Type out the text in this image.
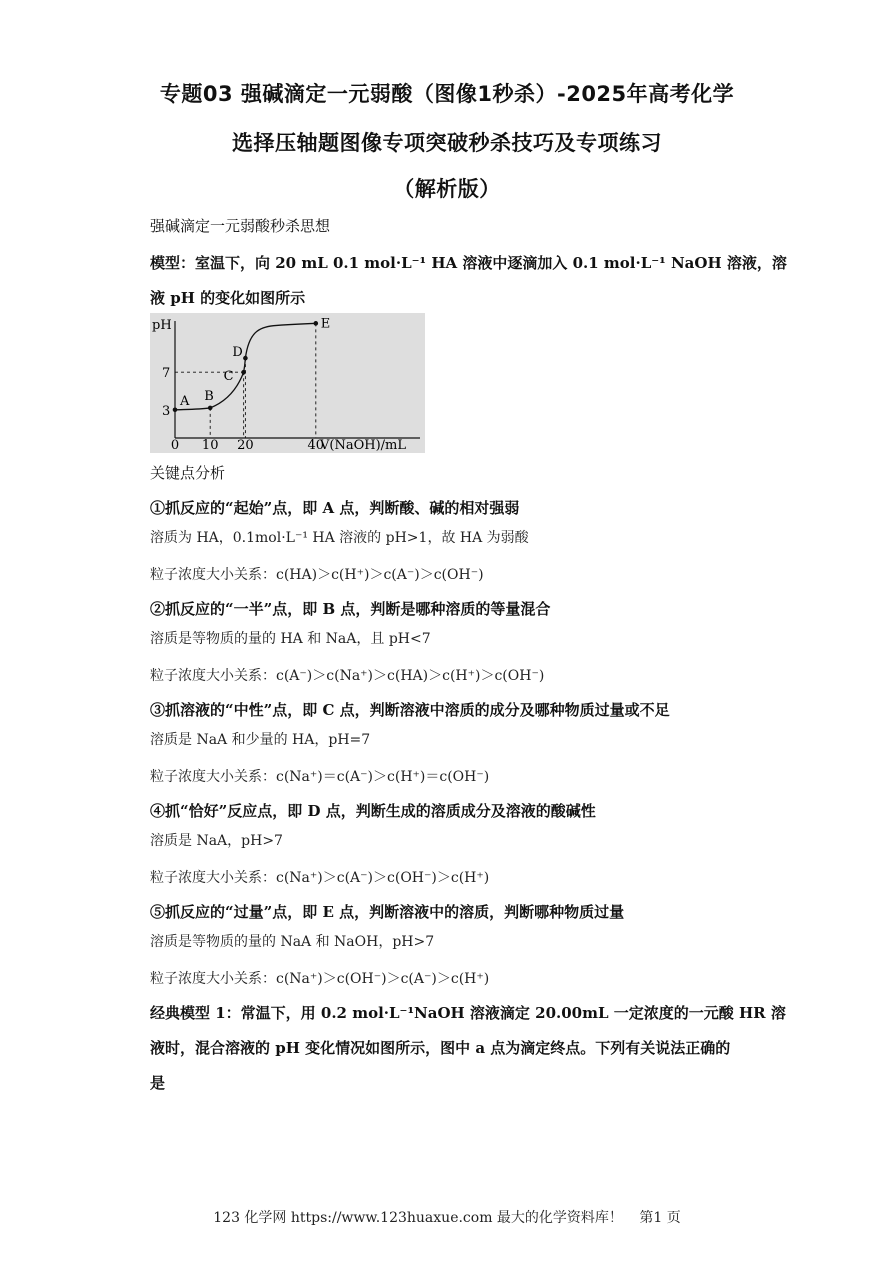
专题03 强碱滴定一元弱酸（图像1秒杀）-2025年高考化学
选择压轴题图像专项突破秒杀技巧及专项练习
（解析版）
强碱滴定一元弱酸秒杀思想
模型：室温下，向 20 mL 0.1 mol·L⁻¹ HA 溶液中逐滴加入 0.1 mol·L⁻¹ NaOH 溶液，溶
液 pH 的变化如图所示
A B
C
D
E
pH
0 10 20	40
V(NaOH)/mL
3
7
关键点分析
①抓反应的“起始”点，即 A 点，判断酸、碱的相对强弱
溶质为 HA，0.1mol·L⁻¹ HA 溶液的 pH>1，故 HA 为弱酸
粒子浓度大小关系：c(HA)＞c(H⁺)＞c(A⁻)＞c(OH⁻)
②抓反应的“一半”点，即 B 点，判断是哪种溶质的等量混合
溶质是等物质的量的 HA 和 NaA，且 pH<7
粒子浓度大小关系：c(A⁻)＞c(Na⁺)＞c(HA)＞c(H⁺)＞c(OH⁻)
③抓溶液的“中性”点，即 C 点，判断溶液中溶质的成分及哪种物质过量或不足
溶质是 NaA 和少量的 HA，pH=7
粒子浓度大小关系：c(Na⁺)＝c(A⁻)＞c(H⁺)＝c(OH⁻)
④抓“恰好”反应点，即 D 点，判断生成的溶质成分及溶液的酸碱性
溶质是 NaA，pH>7
粒子浓度大小关系：c(Na⁺)＞c(A⁻)＞c(OH⁻)＞c(H⁺)
⑤抓反应的“过量”点，即 E 点，判断溶液中的溶质，判断哪种物质过量
溶质是等物质的量的 NaA 和 NaOH，pH>7
粒子浓度大小关系：c(Na⁺)＞c(OH⁻)＞c(A⁻)＞c(H⁺)
经典模型 1：常温下，用 0.2 mol·L⁻¹NaOH 溶液滴定 20.00mL 一定浓度的一元酸 HR 溶
液时，混合溶液的 pH 变化情况如图所示，图中 a 点为滴定终点。下列有关说法正确的
是
123 化学网 https://www.123huaxue.com 最大的化学资料库！ 第1 页
